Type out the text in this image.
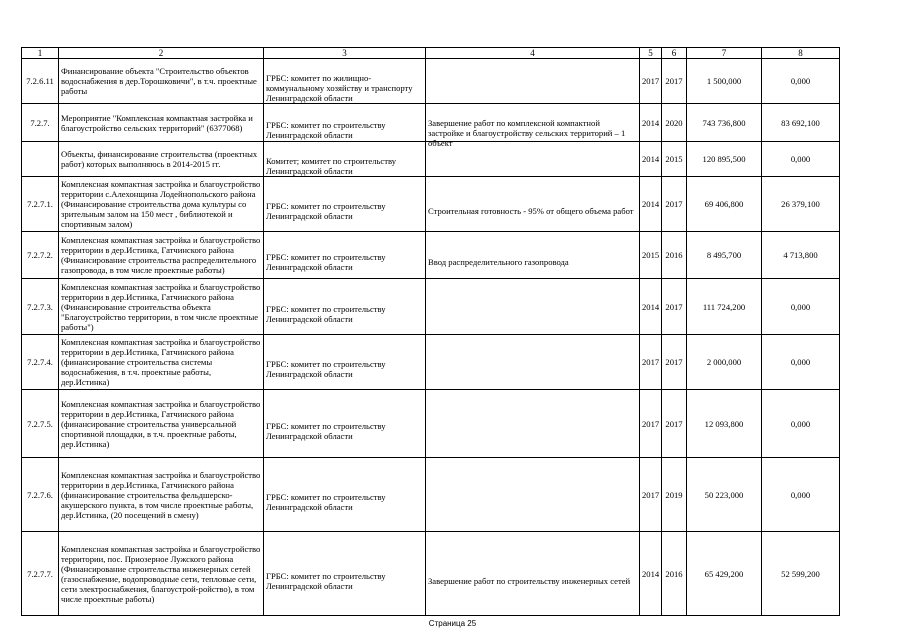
1	2	3	4	5	6	7	8

7.2.6.11	Финансирование объекта "Строительство объектов водоснабжения в дер.Торошковичи", в т.ч. проектные работы	ГРБС: комитет по жилищно-коммунальному хозяйству и транспорту Ленинградской области		2017	2017	1 500,000	0,000

7.2.7.	Мероприятие "Комплексная компактная застройка и благоустройство сельских территорий" (6377068)	ГРБС: комитет по строительству Ленинградской области	Завершение работ по комплексной компактной застройке и благоустройству сельских территорий – 1 объект	2014	2020	743 736,800	83 692,100

	Объекты, финансирование строительства (проектных работ) которых выполняюсь в 2014-2015 гг.	Комитет; комитет по строительству Ленинградской области		2014	2015	120 895,500	0,000

7.2.7.1.	Комплексная компактная застройка и благоустройство территории с.Алехонщина Лодейнопольского района (Финансирование строительства дома культуры со зрительным залом на 150 мест , библиотекой и спортивным залом)	ГРБС: комитет по строительству Ленинградской области	Строительная готовность - 95% от общего объема работ	2014	2017	69 406,800	26 379,100

7.2.7.2.	Комплексная компактная застройка и благоустройство территории в дер.Истинка, Гатчинского района (Финансирование строительства распределительного газопровода, в том числе проектные работы)	ГРБС: комитет по строительству Ленинградской области	Ввод распределительного газопровода	2015	2016	8 495,700	4 713,800

7.2.7.3.	Комплексная компактная застройка и благоустройство территории в дер.Истинка, Гатчинского района (Финансирование строительства объекта "Благоустройство территории, в том числе проектные работы")	ГРБС: комитет по строительству Ленинградской области		2014	2017	111 724,200	0,000

7.2.7.4.	Комплексная компактная застройка и благоустройство территории в дер.Истинка, Гатчинского района (финансирование строительства системы водоснабжения, в т.ч. проектные работы, дер.Истинка)	ГРБС: комитет по строительству Ленинградской области		2017	2017	2 000,000	0,000

7.2.7.5.	Комплексная компактная застройка и благоустройство территории в дер.Истинка, Гатчинского района (финансирование строительства универсальной спортивной площадки, в т.ч. проектные работы, дер.Истинка)	ГРБС: комитет по строительству Ленинградской области		2017	2017	12 093,800	0,000

7.2.7.6.	Комплексная компактная застройка и благоустройство территории в дер.Истинка, Гатчинского района (финансирование строительства фельдшерско-акушерского пункта, в том числе проектные работы, дер.Истинка, (20 посещений в смену)	ГРБС: комитет по строительству Ленинградской области		2017	2019	50 223,000	0,000

7.2.7.7.	Комплексная компактная застройка и благоустройство территории, пос. Приозерное Лужского района (Финансирование строительства инженерных сетей (газоснабжение, водопроводные сети, тепловые сети, сети электроснабжения, благоустрой-ройство), в том числе проектные работы)	ГРБС: комитет по строительству Ленинградской области	Завершение работ по строительству инженерных сетей	2014	2016	65 429,200	52 599,200
Страница 25
